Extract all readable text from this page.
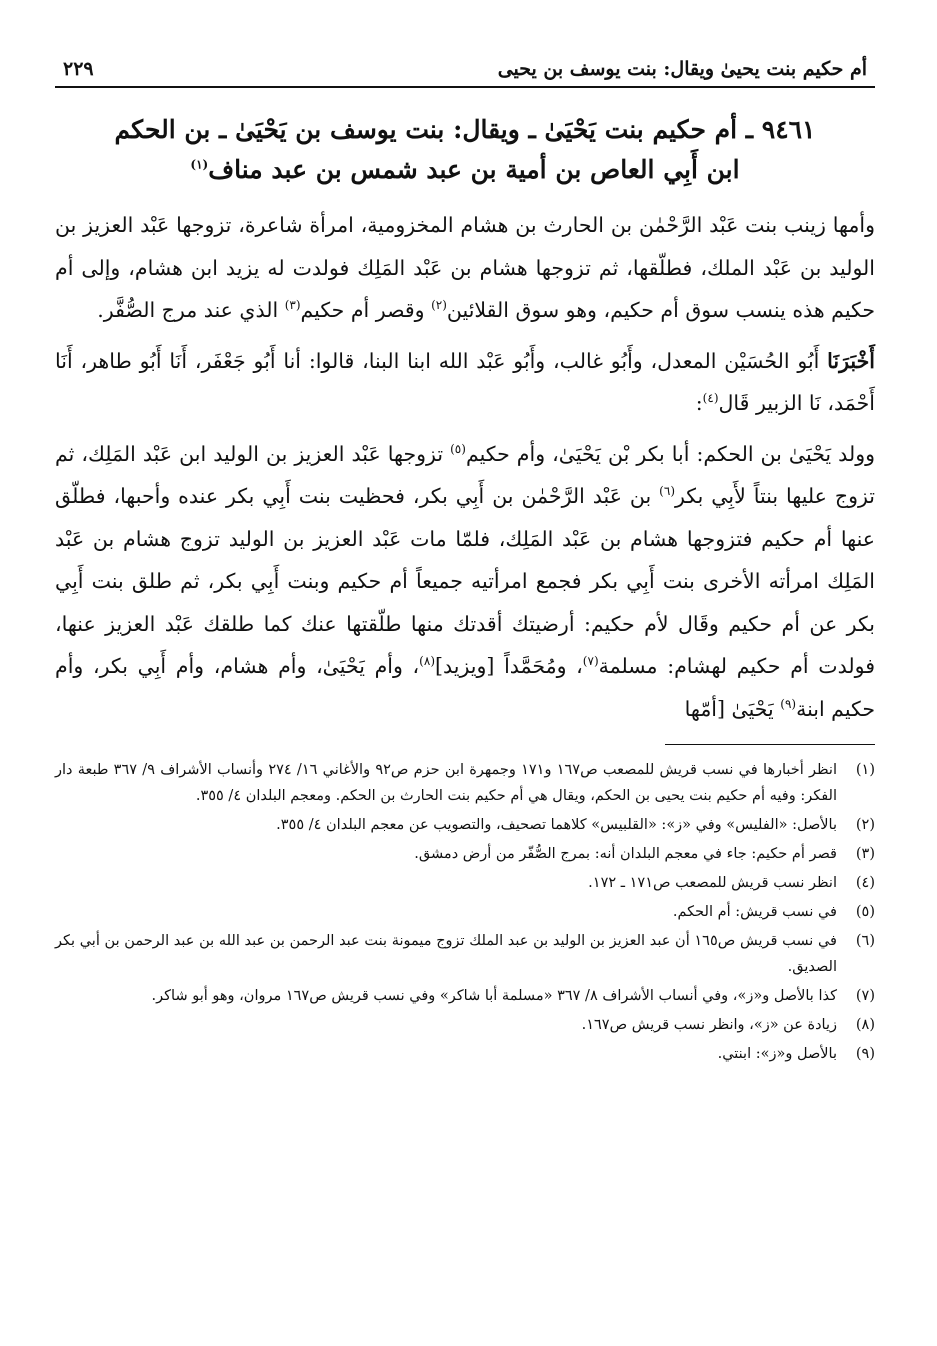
أم حكيم بنت يحيىٰ ويقال: بنت يوسف بن يحيى
٢٢٩
٩٤٦١ ـ أم حكيم بنت يَحْيَىٰ ـ ويقال: بنت يوسف بن يَحْيَىٰ ـ بن الحكم
ابن أَبِي العاص بن أمية بن عبد شمس بن عبد مناف$^{(١)}$

وأمها زينب بنت عَبْد الرَّحْمٰن بن الحارث بن هشام المخزومية، امرأة شاعرة، تزوجها عَبْد العزيز بن الوليد بن عَبْد الملك، فطلّقها، ثم تزوجها هشام بن عَبْد المَلِك فولدت له يزيد ابن هشام، وإلى أم حكيم هذه ينسب سوق أم حكيم، وهو سوق القلائين$^{(٢)}$ وقصر أم حكيم$^{(٣)}$ الذي عند مرج الصُّفَّر.

أَخْبَرَنَا أَبُو الحُسَيْن المعدل، وأَبُو غالب، وأَبُو عَبْد الله ابنا البنا، قالوا: أنا أَبُو جَعْفَر، أَنَا أَبُو طاهر، أَنَا أَحْمَد، نَا الزبير قَال$^{(٤)}$:

وولد يَحْيَىٰ بن الحكم: أبا بكر بْن يَحْيَىٰ، وأم حكيم$^{(٥)}$ تزوجها عَبْد العزيز بن الوليد ابن عَبْد المَلِك، ثم تزوج عليها بنتاً لأَبِي بكر$^{(٦)}$ بن عَبْد الرَّحْمٰن بن أَبِي بكر، فحظيت بنت أَبِي بكر عنده وأحبها، فطلّق عنها أم حكيم فتزوجها هشام بن عَبْد المَلِك، فلمّا مات عَبْد العزيز بن الوليد تزوج هشام بن عَبْد المَلِك امرأته الأخرى بنت أَبِي بكر فجمع امرأتيه جميعاً أم حكيم وبنت أَبِي بكر، ثم طلق بنت أَبِي بكر عن أم حكيم وقَال لأم حكيم: أرضيتك أقدتك منها طلّقتها عنك كما طلقك عَبْد العزيز عنها، فولدت أم حكيم لهشام: مسلمة$^{(٧)}$، ومُحَمَّداً [ويزيد]$^{(٨)}$، وأم يَحْيَىٰ، وأم هشام، وأم أَبِي بكر، وأم حكيم ابنة$^{(٩)}$ يَحْيَىٰ [أمّها

(١)
انظر أخبارها في نسب قريش للمصعب ص١٦٧ و١٧١ وجمهرة ابن حزم ص٩٢ والأغاني ١٦/ ٢٧٤ وأنساب الأشراف ٩/ ٣٦٧ طبعة دار الفكر: وفيه أم حكيم بنت يحيى بن الحكم، ويقال هي أم حكيم بنت الحارث بن الحكم. ومعجم البلدان ٤/ ٣٥٥.
(٢)
بالأصل: «الفليس» وفي «ز»: «القلبيس» كلاهما تصحيف، والتصويب عن معجم البلدان ٤/ ٣٥٥.
(٣)
قصر أم حكيم: جاء في معجم البلدان أنه: بمرج الصُّفّر من أرض دمشق.
(٤)
انظر نسب قريش للمصعب ص١٧١ ـ ١٧٢.
(٥)
في نسب قريش: أم الحكم.
(٦)
في نسب قريش ص١٦٥ أن عبد العزيز بن الوليد بن عبد الملك تزوج ميمونة بنت عبد الرحمن بن عبد الله بن عبد الرحمن بن أبي بكر الصديق.
(٧)
كذا بالأصل و«ز»، وفي أنساب الأشراف ٨/ ٣٦٧ «مسلمة أبا شاكر» وفي نسب قريش ص١٦٧ مروان، وهو أبو شاكر.
(٨)
زيادة عن «ز»، وانظر نسب قريش ص١٦٧.
(٩)
بالأصل و«ز»: ابنتي.
